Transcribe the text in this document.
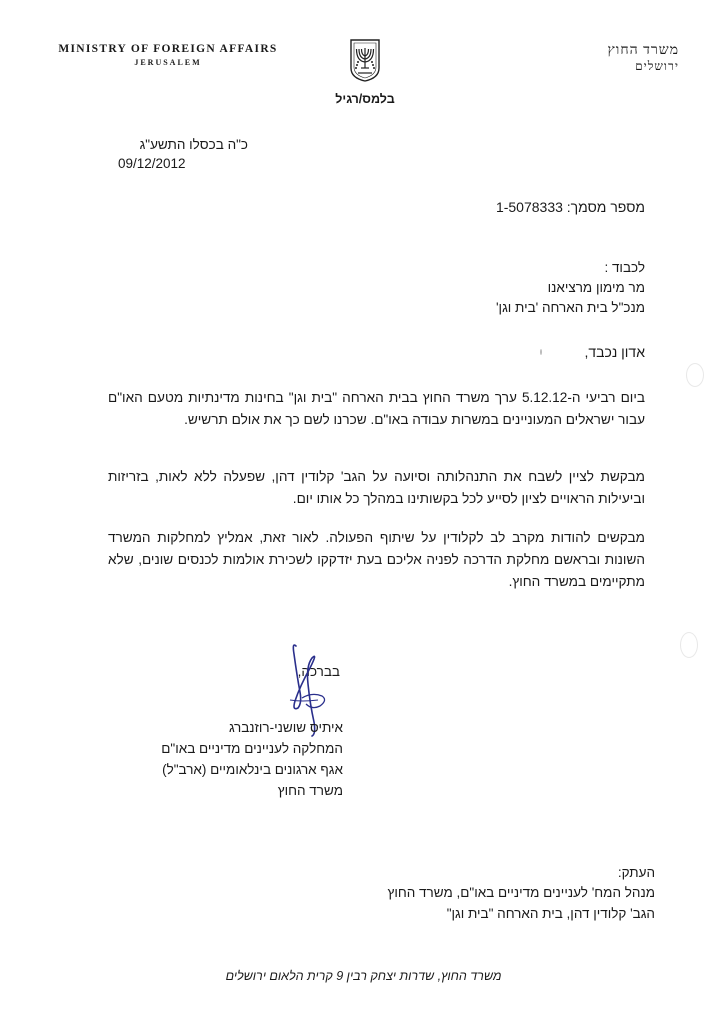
MINISTRY OF FOREIGN AFFAIRS
JERUSALEM
משרד החוץ
ירושלים
בלמס/רגיל
כ"ה בכסלו התשע"ג
09/12/2012
מספר מסמך: 1-5078333
לכבוד :
מר מימון מרציאנו
מנכ"ל בית הארחה 'בית וגן'
אדון נכבד,
ביום רביעי ה-5.12.12 ערך משרד החוץ בבית הארחה "בית וגן" בחינות מדינתיות מטעם האו"ם עבור ישראלים המעוניינים במשרות עבודה באו"ם. שכרנו לשם כך את אולם תרשיש.
מבקשת לציין לשבח את התנהלותה וסיועה על הגב' קלודין דהן, שפעלה ללא לאות, בזריזות וביעילות הראויים לציון לסייע לכל בקשותינו במהלך כל אותו יום.
מבקשים להודות מקרב לב לקלודין על שיתוף הפעולה. לאור זאת, אמליץ למחלקות המשרד השונות ובראשם מחלקת הדרכה לפניה אליכם בעת יזדקקו לשכירת אולמות לכנסים שונים, שלא מתקיימים במשרד החוץ.
בברכה,
איתיס שושני-רוזנברג
המחלקה לעניינים מדיניים באו"ם
אגף ארגונים בינלאומיים (ארב"ל)
משרד החוץ
העתק:
מנהל המח' לעניינים מדיניים באו"ם, משרד החוץ
הגב' קלודין דהן, בית הארחה "בית וגן"
משרד החוץ, שדרות יצחק רבין 9 קרית הלאום ירושלים
